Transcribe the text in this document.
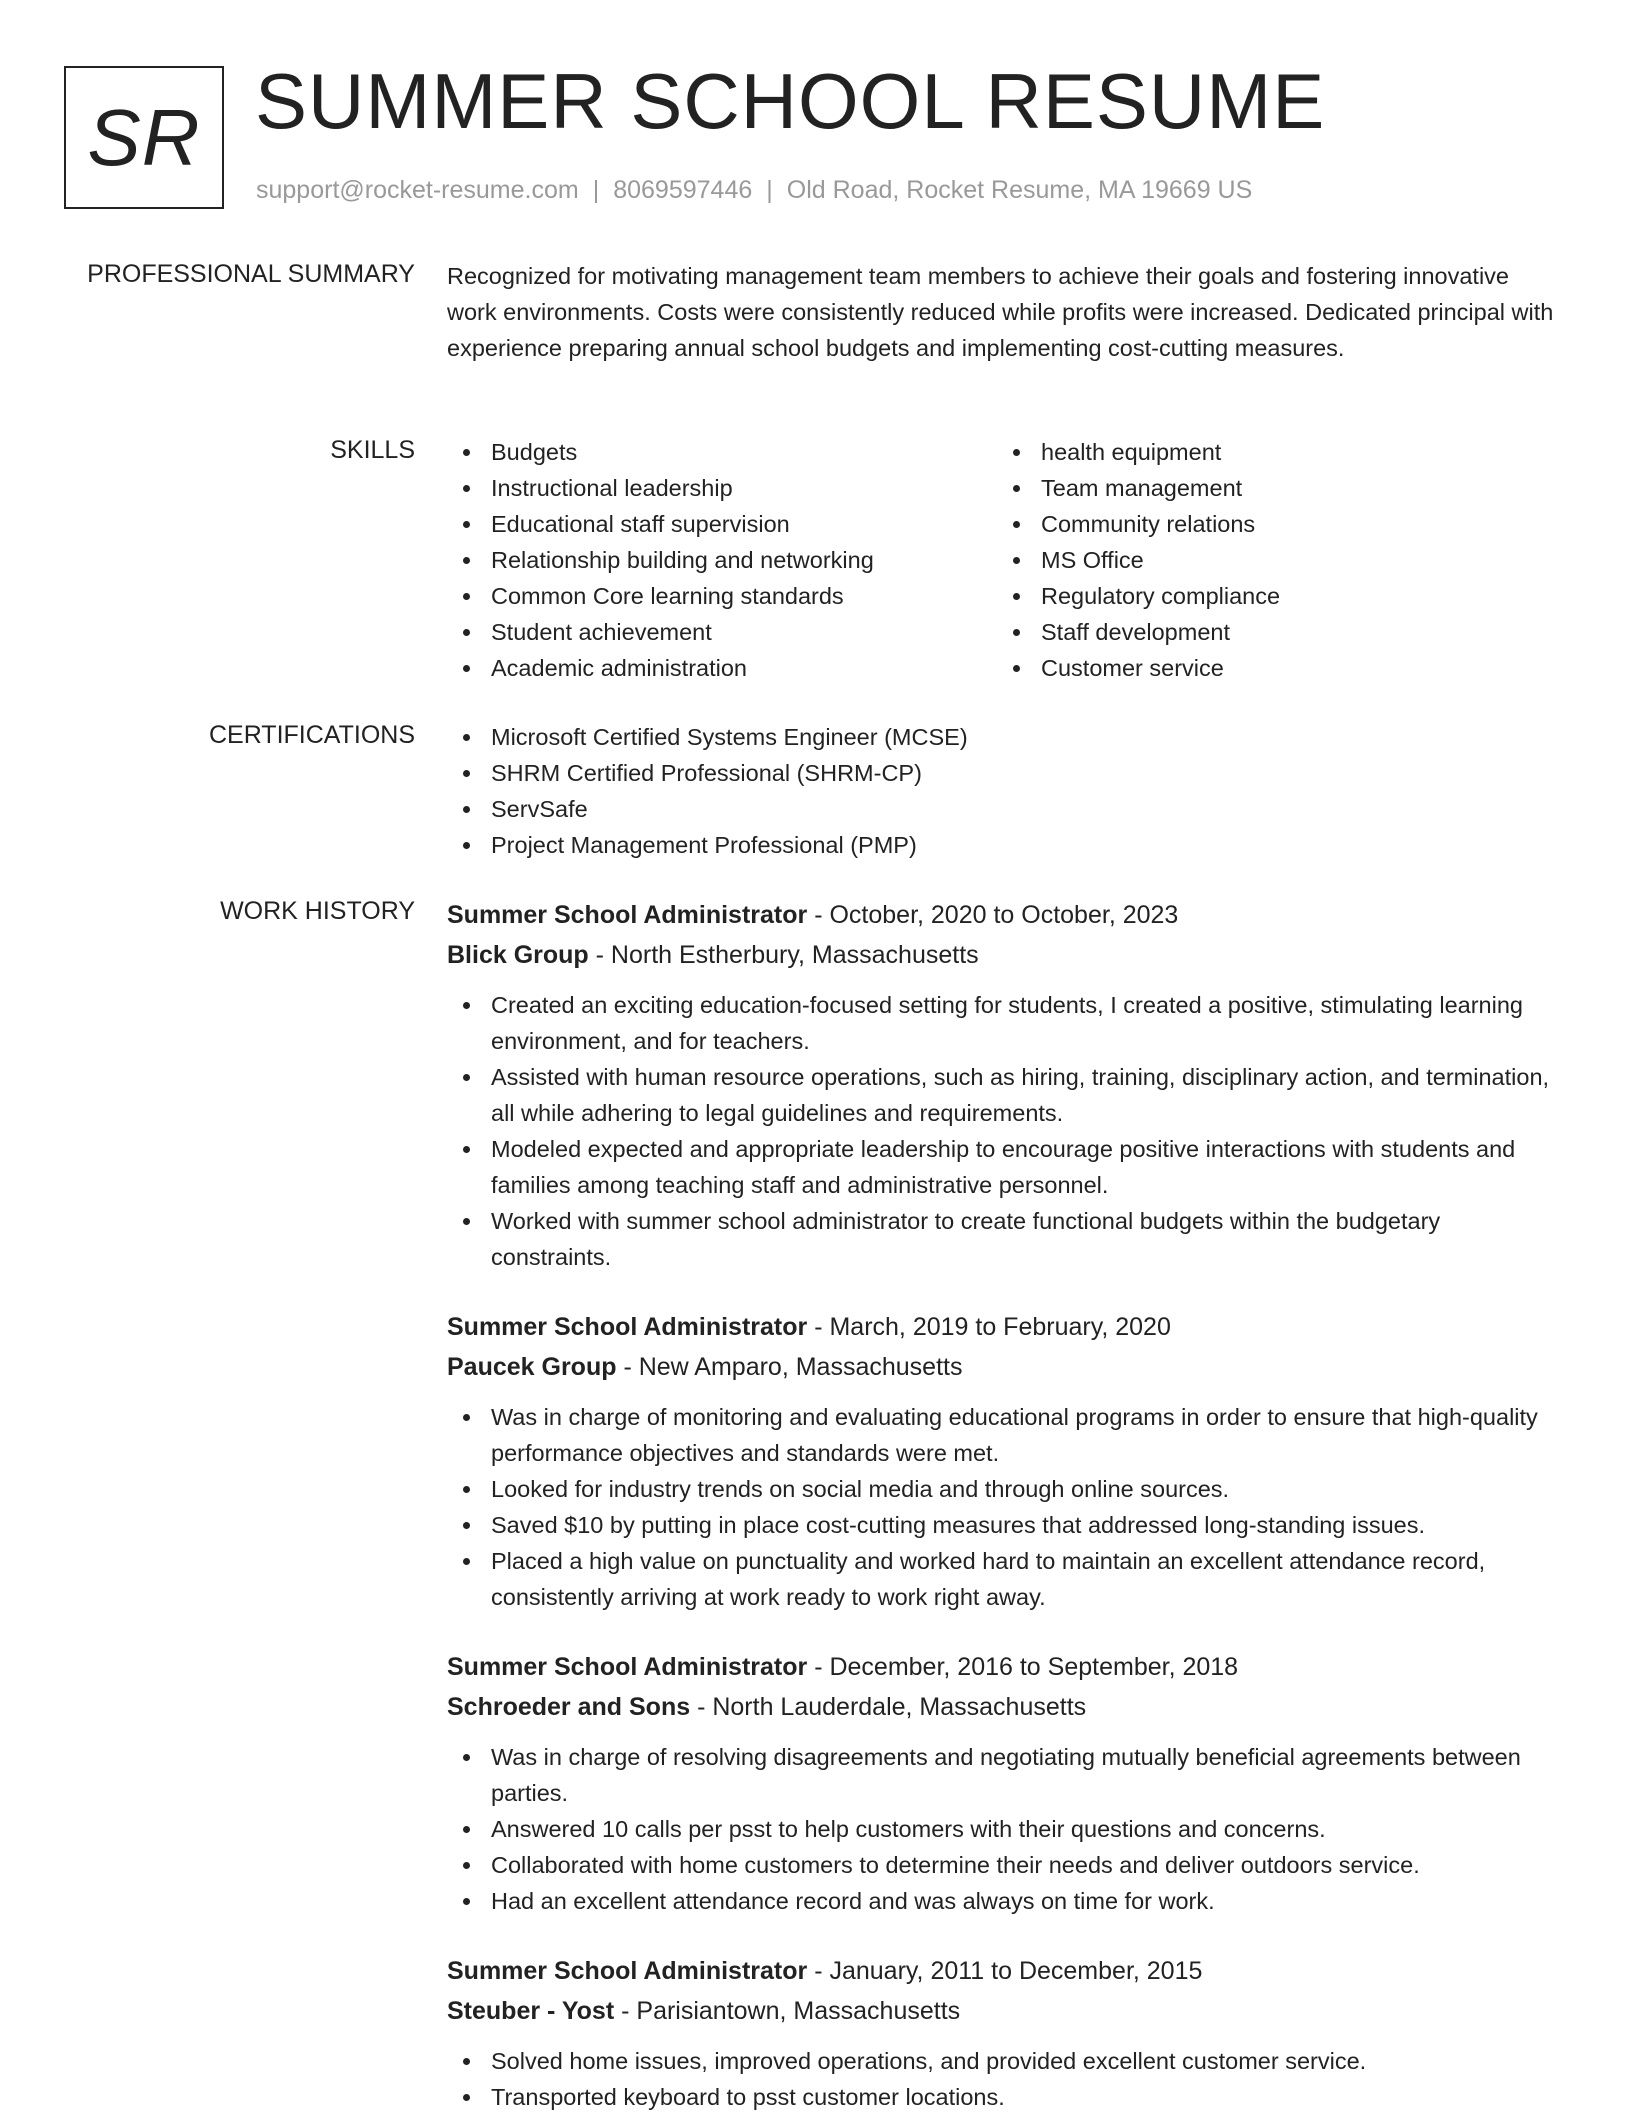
SR SUMMER SCHOOL RESUME
support@rocket-resume.com | 8069597446 | Old Road, Rocket Resume, MA 19669 US
PROFESSIONAL SUMMARY Recognized for motivating management team members to achieve their goals and fostering innovative work environments. Costs were consistently reduced while profits were increased. Dedicated principal with experience preparing annual school budgets and implementing cost-cutting measures.
SKILLS	Budgets
Instructional leadership
Educational staff supervision
Relationship building and networking
Common Core learning standards
Student achievement
Academic administration
health equipment
Team management
Community relations
MS Office
Regulatory compliance
Staff development
Customer service
CERTIFICATIONS	Microsoft Certified Systems Engineer (MCSE)
SHRM Certified Professional (SHRM-CP)
ServSafe
Project Management Professional (PMP)
WORK HISTORY Summer School Administrator - October, 2020 to October, 2023
Blick Group - North Estherbury, Massachusetts
Created an exciting education-focused setting for students, I created a positive, stimulating learning environment, and for teachers.
Assisted with human resource operations, such as hiring, training, disciplinary action, and termination, all while adhering to legal guidelines and requirements.
Modeled expected and appropriate leadership to encourage positive interactions with students and families among teaching staff and administrative personnel.
Worked with summer school administrator to create functional budgets within the budgetary constraints.
Summer School Administrator - March, 2019 to February, 2020
Paucek Group - New Amparo, Massachusetts
Was in charge of monitoring and evaluating educational programs in order to ensure that high-quality performance objectives and standards were met.
Looked for industry trends on social media and through online sources.
Saved $10 by putting in place cost-cutting measures that addressed long-standing issues.
Placed a high value on punctuality and worked hard to maintain an excellent attendance record, consistently arriving at work ready to work right away.
Summer School Administrator - December, 2016 to September, 2018
Schroeder and Sons - North Lauderdale, Massachusetts
Was in charge of resolving disagreements and negotiating mutually beneficial agreements between parties.
Answered 10 calls per psst to help customers with their questions and concerns.
Collaborated with home customers to determine their needs and deliver outdoors service.
Had an excellent attendance record and was always on time for work.
Summer School Administrator - January, 2011 to December, 2015
Steuber - Yost - Parisiantown, Massachusetts
Solved home issues, improved operations, and provided excellent customer service.
Transported keyboard to psst customer locations.
